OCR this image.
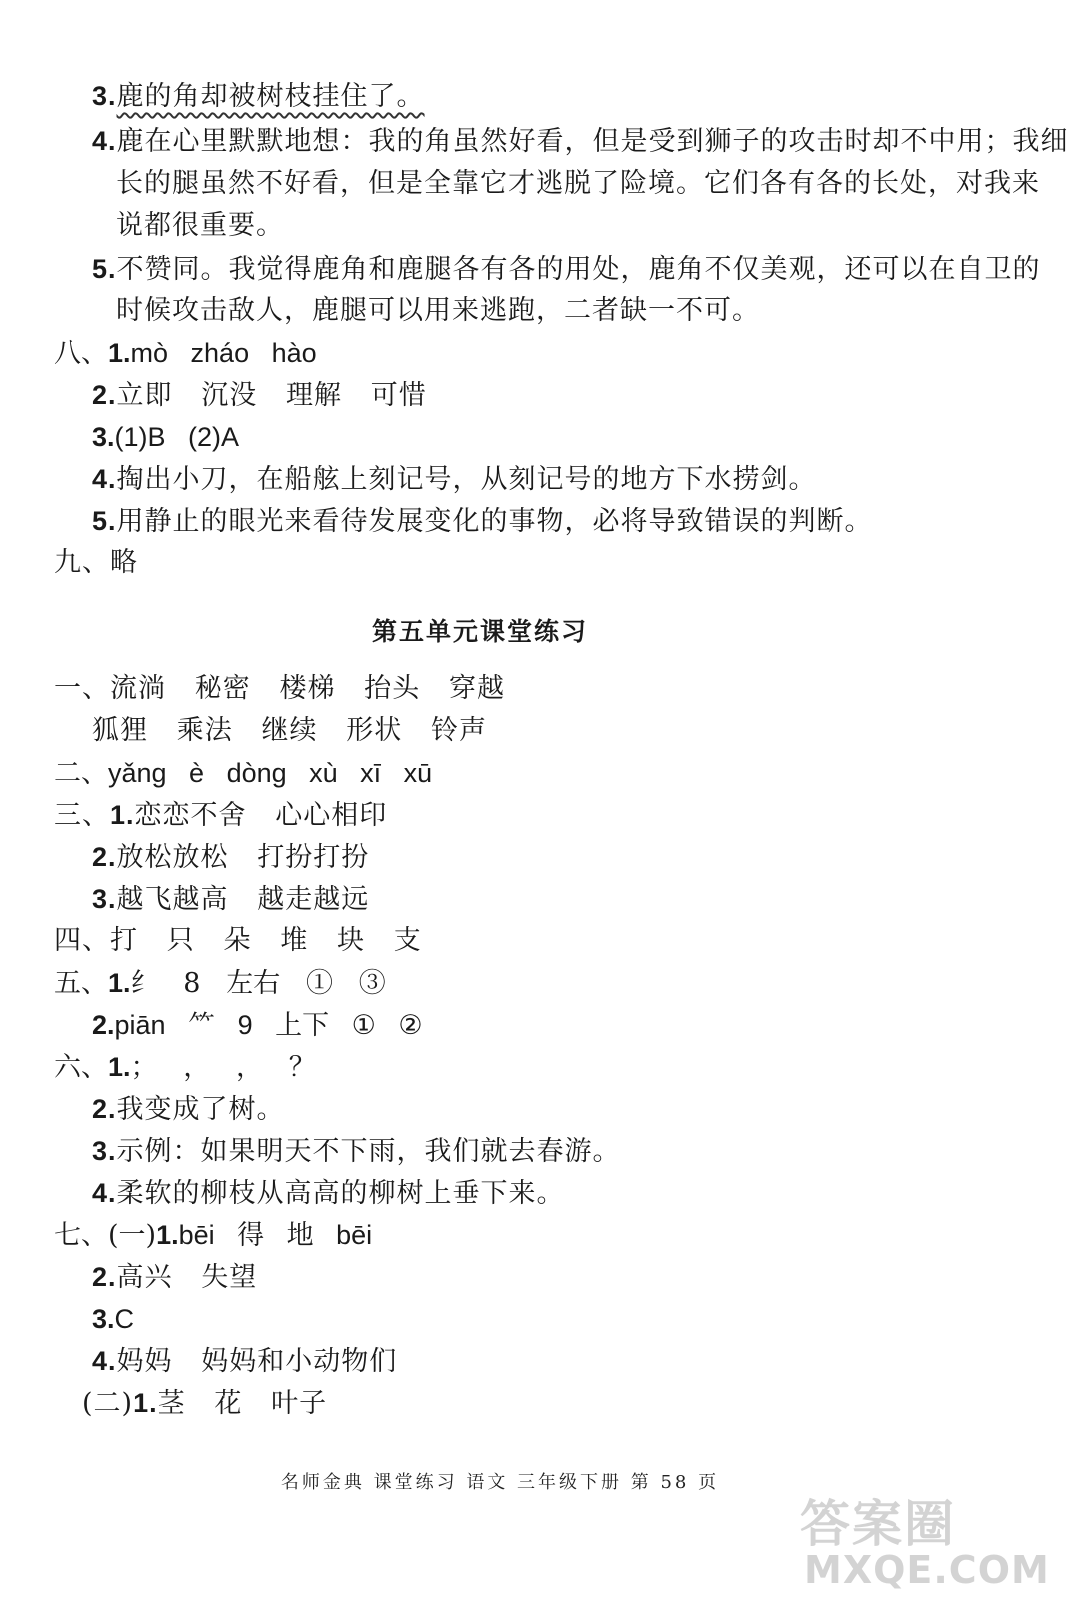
3.鹿的角却被树枝挂住了。
4.鹿在心里默默地想：我的角虽然好看，但是受到狮子的攻击时却不中用；我细
长的腿虽然不好看，但是全靠它才逃脱了险境。它们各有各的长处，对我来
说都很重要。
5.不赞同。我觉得鹿角和鹿腿各有各的用处，鹿角不仅美观，还可以在自卫的
时候攻击敌人，鹿腿可以用来逃跑，二者缺一不可。
八、1.mò   zháo   hào
2.立即   沉没   理解   可惜
3.(1)B   (2)A
4.掏出小刀，在船舷上刻记号，从刻记号的地方下水捞剑。
5.用静止的眼光来看待发展变化的事物，必将导致错误的判断。
九、略
第五单元课堂练习
一、流淌   秘密   楼梯   抬头   穿越
狐狸   乘法   继续   形状   铃声
二、yǎng   è   dòng   xù   xī   xū
三、1.恋恋不舍   心心相印
2.放松放松   打扮打扮
3.越飞越高   越走越远
四、打   只   朵   堆   块   支
五、1.纟   8   左右   ①   ③
2.piān   ⺮   9   上下   ①   ②
六、1.；   ，   ，   ？
2.我变成了树。
3.示例：如果明天不下雨，我们就去春游。
4.柔软的柳枝从高高的柳树上垂下来。
七、(一)1.bēi   得   地   bēi
2.高兴   失望
3.C
4.妈妈   妈妈和小动物们
(二)1.茎   花   叶子
名师金典 课堂练习 语文 三年级下册 第 58 页
答案圈
MXQE.COM
